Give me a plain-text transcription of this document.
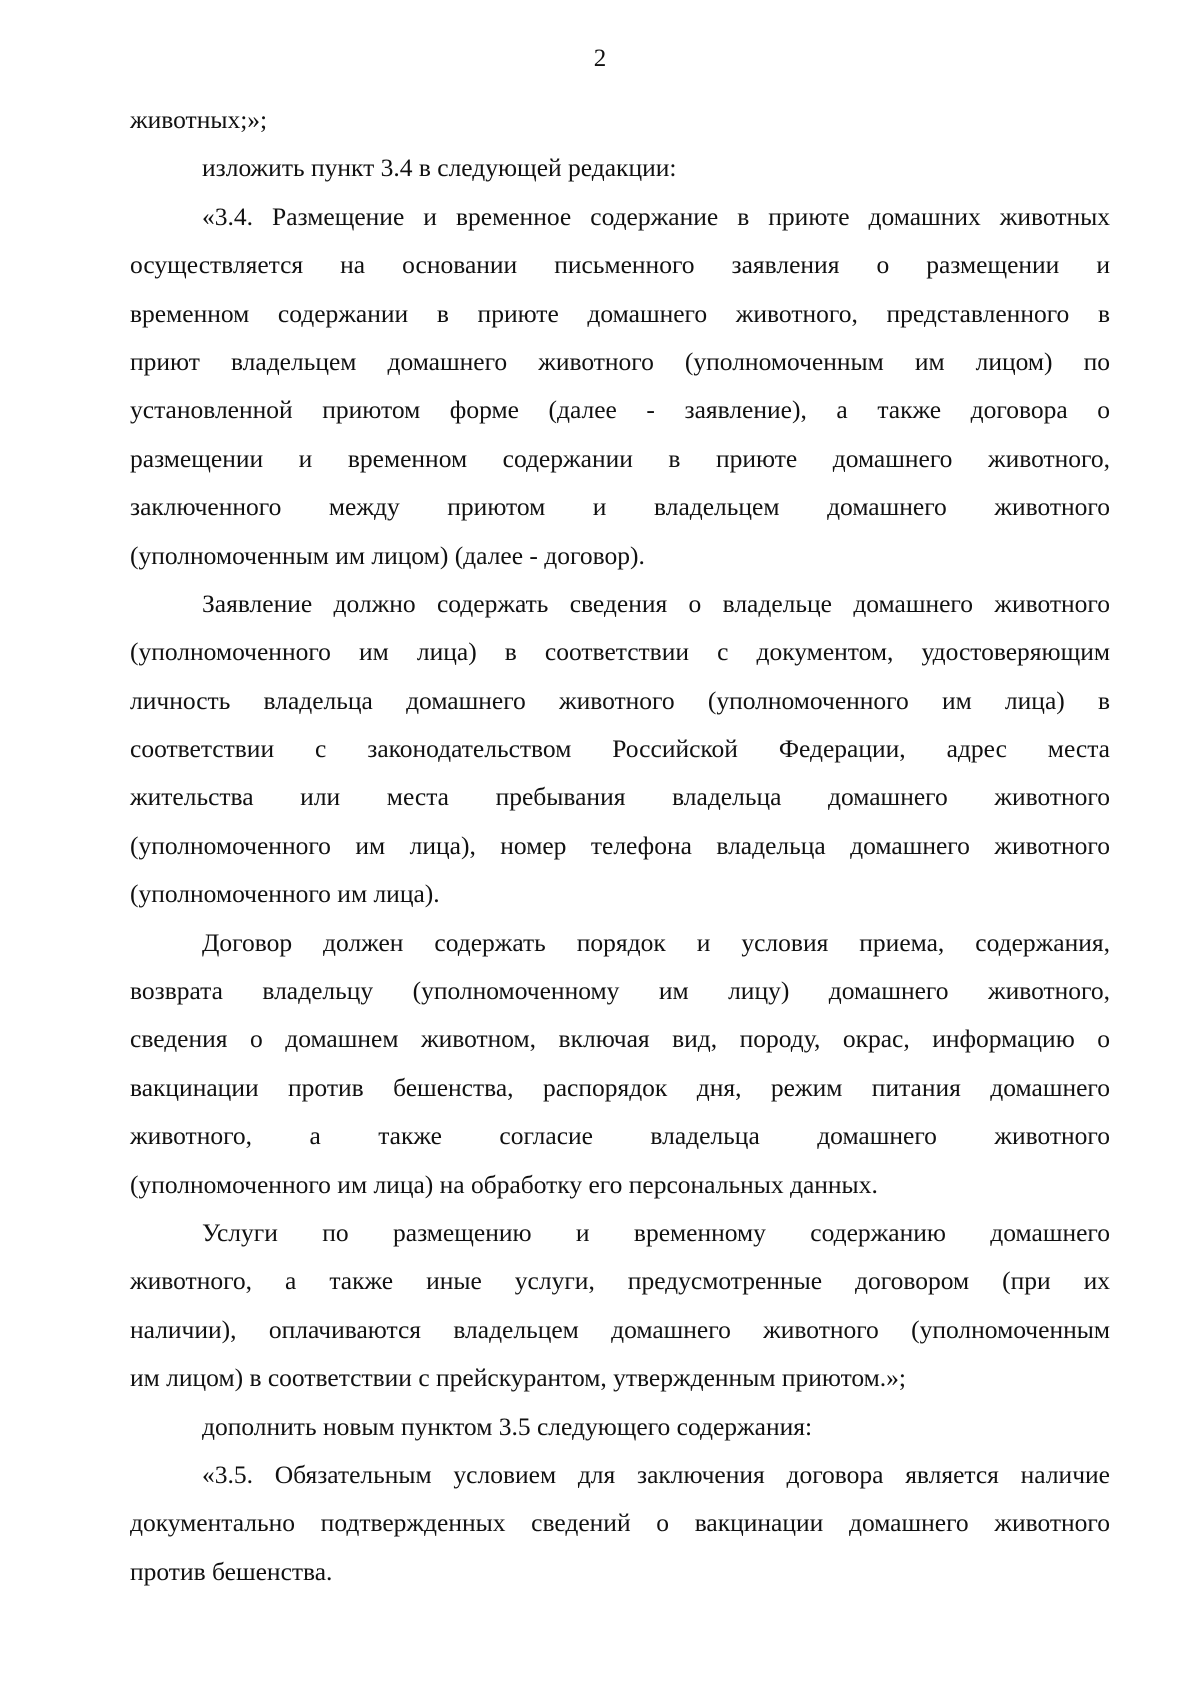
2
животных;»;
изложить пункт 3.4 в следующей редакции:
«3.4. Размещение и временное содержание в приюте домашних животных
осуществляется на основании письменного заявления о размещении и
временном содержании в приюте домашнего животного, представленного в
приют владельцем домашнего животного (уполномоченным им лицом) по
установленной приютом форме (далее - заявление), а также договора о
размещении и временном содержании в приюте домашнего животного,
заключенного между приютом и владельцем домашнего животного
(уполномоченным им лицом) (далее - договор).
Заявление должно содержать сведения о владельце домашнего животного
(уполномоченного им лица) в соответствии с документом, удостоверяющим
личность владельца домашнего животного (уполномоченного им лица) в
соответствии с законодательством Российской Федерации, адрес места
жительства или места пребывания владельца домашнего животного
(уполномоченного им лица), номер телефона владельца домашнего животного
(уполномоченного им лица).
Договор должен содержать порядок и условия приема, содержания,
возврата владельцу (уполномоченному им лицу) домашнего животного,
сведения о домашнем животном, включая вид, породу, окрас, информацию о
вакцинации против бешенства, распорядок дня, режим питания домашнего
животного, а также согласие владельца домашнего животного
(уполномоченного им лица) на обработку его персональных данных.
Услуги по размещению и временному содержанию домашнего
животного, а также иные услуги, предусмотренные договором (при их
наличии), оплачиваются владельцем домашнего животного (уполномоченным
им лицом) в соответствии с прейскурантом, утвержденным приютом.»;
дополнить новым пунктом 3.5 следующего содержания:
«3.5. Обязательным условием для заключения договора является наличие
документально подтвержденных сведений о вакцинации домашнего животного
против бешенства.
